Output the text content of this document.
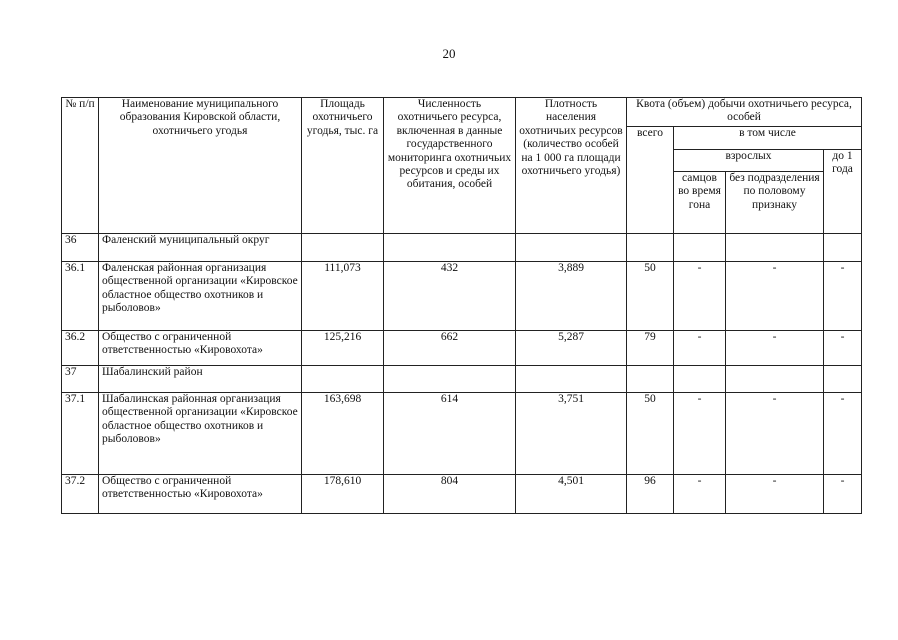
20
№ п/п	Наименование муниципального образования Кировской области, охотничьего угодья	Площадь охотничьего угодья, тыс. га	Численность охотничьего ресурса, включенная в данные государственного мониторинга охотничьих ресурсов и среды их обитания, особей	Плотность населения охотничьих ресурсов (количество особей на 1 000 га площади охотничьего угодья)	Квота (объем) добычи охотничьего ресурса, особей			
					всего	в том числе		
						взрослых		до 1 года
						самцов во время гона	без подразделения по половому признаку	
36	Фаленский муниципальный округ							
36.1	Фаленская районная организация общественной организации «Кировское областное общество охотников и рыболовов»	111,073	432	3,889	50	-	-	-
36.2	Общество с ограниченной ответственностью «Кировохота»	125,216	662	5,287	79	-	-	-
37	Шабалинский район							
37.1	Шабалинская районная организация общественной организации «Кировское областное общество охотников и рыболовов»	163,698	614	3,751	50	-	-	-
37.2	Общество с ограниченной ответственностью «Кировохота»	178,610	804	4,501	96	-	-	-
